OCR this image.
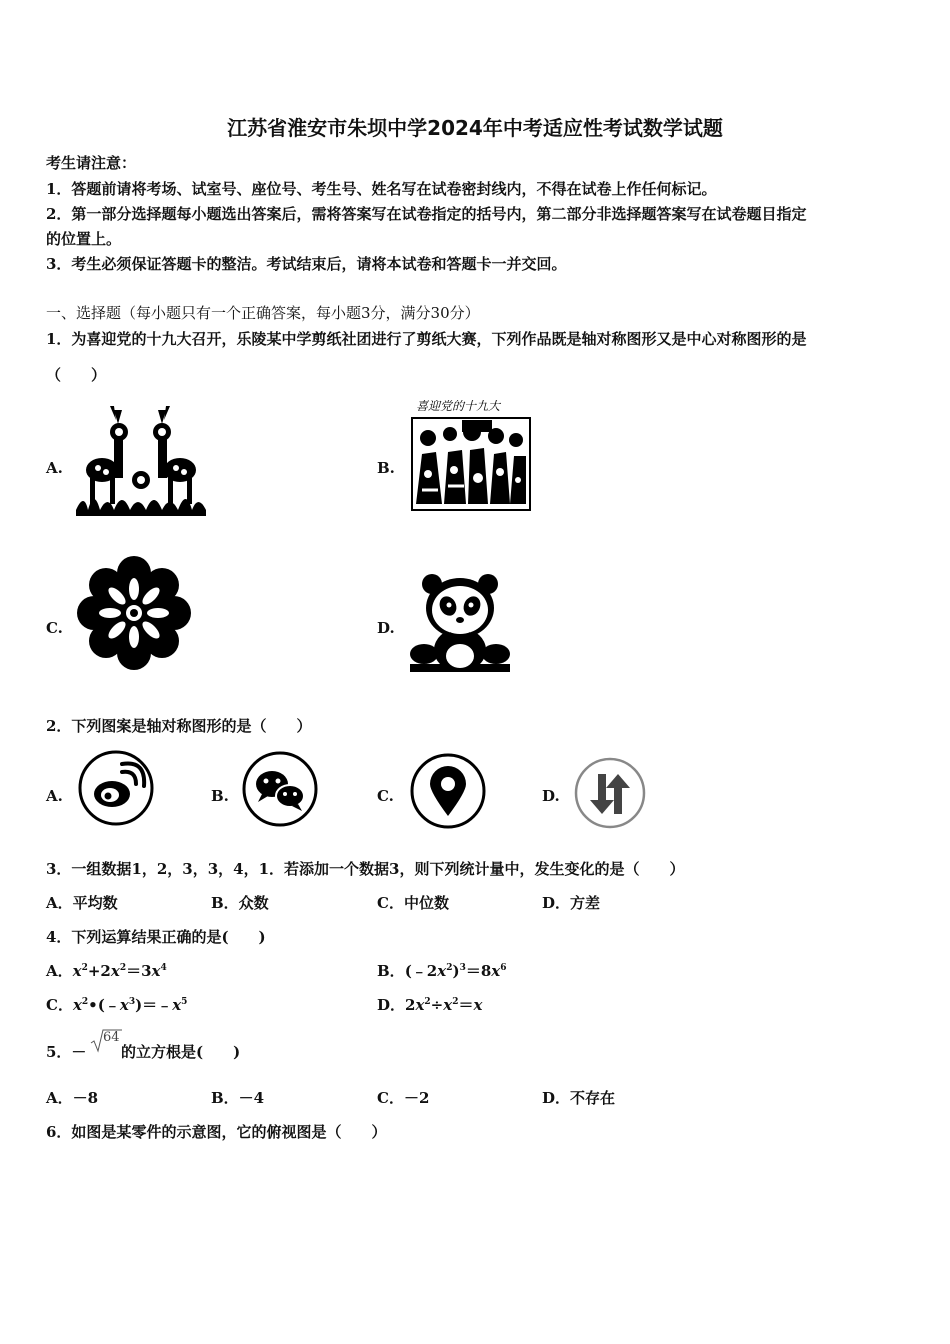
江苏省淮安市朱坝中学2024年中考适应性考试数学试题
考生请注意：
1．答题前请将考场、试室号、座位号、考生号、姓名写在试卷密封线内，不得在试卷上作任何标记。
2．第一部分选择题每小题选出答案后，需将答案写在试卷指定的括号内，第二部分非选择题答案写在试卷题目指定
的位置上。
3．考生必须保证答题卡的整洁。考试结束后，请将本试卷和答题卡一并交回。
一、选择题（每小题只有一个正确答案，每小题3分，满分30分）
1．为喜迎党的十九大召开，乐陵某中学剪纸社团进行了剪纸大赛，下列作品既是轴对称图形又是中心对称图形的是
（　　）
A.	B.
喜迎党的十九大
C.	D.
2．下列图案是轴对称图形的是（　　）
A.	B.	C.	D.
3．一组数据1，2，3，3，4，1．若添加一个数据3，则下列统计量中，发生变化的是（　　）
A．平均数	B．众数	C．中位数	D．方差
4．下列运算结果正确的是(　　)
A．$x^2+2x^2=3x^4$	B．$(﹣2x^2)^3=8x^6$
C．$x^2•(﹣x^3)=﹣x^5$	D．$2x^2\div x^2=x$
5．－
64
的立方根是(　　)
A．－8	B．－4	C．－2	D．不存在
6．如图是某零件的示意图，它的俯视图是（　　）
